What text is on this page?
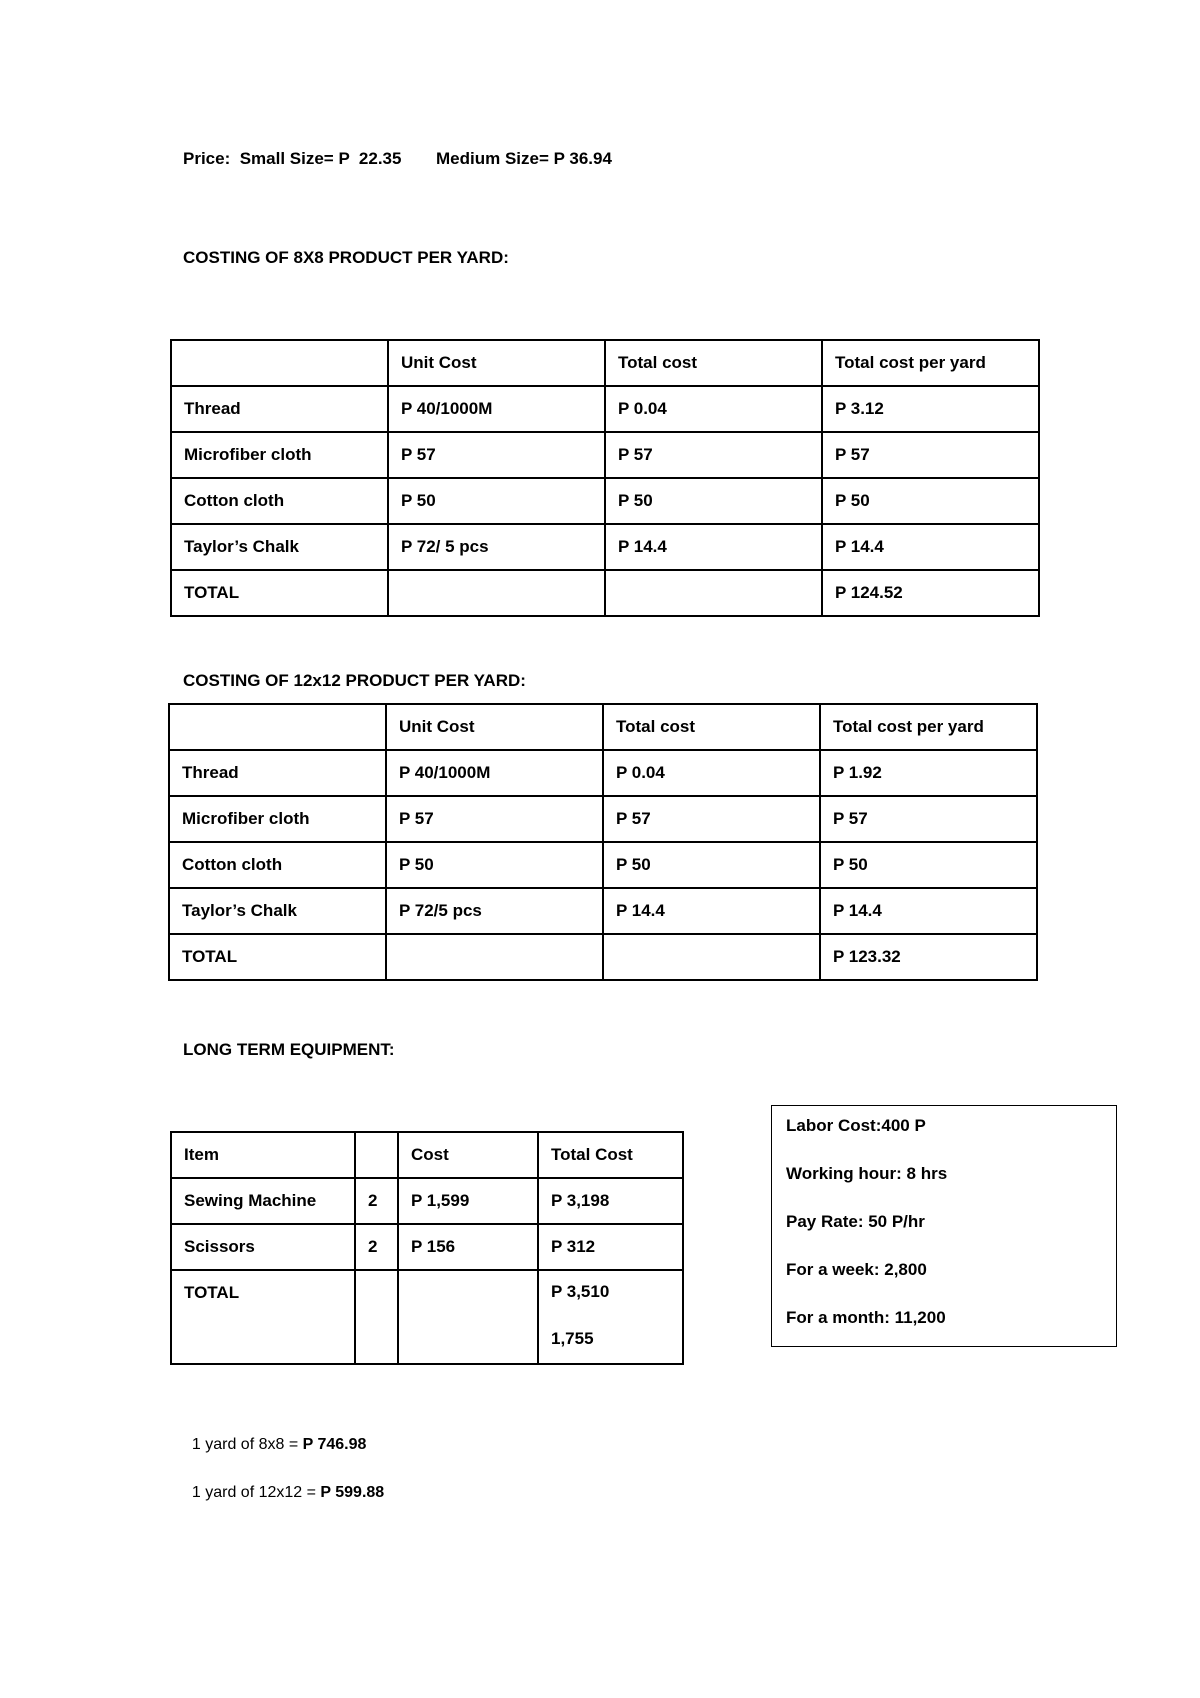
Price:  Small Size= P  22.35 Medium Size= P 36.94
COSTING OF 8X8 PRODUCT PER YARD:
	Unit Cost	Total cost	Total cost per yard
Thread	P 40/1000M	P 0.04	P 3.12
Microfiber cloth	P 57	P 57	P 57
Cotton cloth	P 50	P 50	P 50
Taylor’s Chalk	P 72/ 5 pcs	P 14.4	P 14.4
TOTAL			P 124.52
COSTING OF 12x12 PRODUCT PER YARD:
	Unit Cost	Total cost	Total cost per yard
Thread	P 40/1000M	P 0.04	P 1.92
Microfiber cloth	P 57	P 57	P 57
Cotton cloth	P 50	P 50	P 50
Taylor’s Chalk	P 72/5 pcs	P 14.4	P 14.4
TOTAL			P 123.32
LONG TERM EQUIPMENT:
Item		Cost	Total Cost
Sewing Machine	2	P 1,599	P 3,198
Scissors	2	P 156	P 312
TOTAL			P 3,510
1,755
Labor Cost:400 P
Working hour: 8 hrs
Pay Rate: 50 P/hr
For a week: 2,800
For a month: 11,200

1 yard of 8x8 = P 746.98

1 yard of 12x12 = P 599.88
